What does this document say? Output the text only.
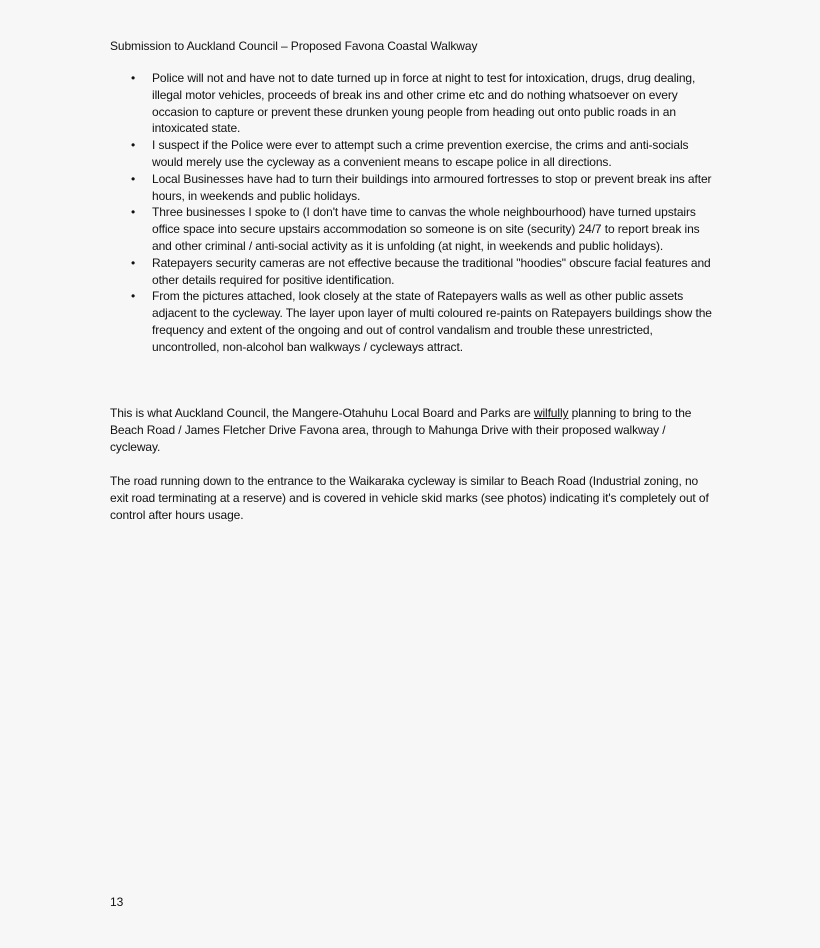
Submission to Auckland Council – Proposed Favona Coastal Walkway
• Police will not and have not to date turned up in force at night to test for intoxication, drugs, drug dealing, illegal motor vehicles, proceeds of break ins and other crime etc and do nothing whatsoever on every occasion to capture or prevent these drunken young people from heading out onto public roads in an intoxicated state.
• I suspect if the Police were ever to attempt such a crime prevention exercise, the crims and anti-socials would merely use the cycleway as a convenient means to escape police in all directions.
• Local Businesses have had to turn their buildings into armoured fortresses to stop or prevent break ins after hours, in weekends and public holidays.
• Three businesses I spoke to (I don't have time to canvas the whole neighbourhood) have turned upstairs office space into secure upstairs accommodation so someone is on site (security) 24/7 to report break ins and other criminal / anti-social activity as it is unfolding (at night, in weekends and public holidays).
• Ratepayers security cameras are not effective because the traditional "hoodies" obscure facial features and other details required for positive identification.
• From the pictures attached, look closely at the state of Ratepayers walls as well as other public assets adjacent to the cycleway. The layer upon layer of multi coloured re-paints on Ratepayers buildings show the frequency and extent of the ongoing and out of control vandalism and trouble these unrestricted, uncontrolled, non-alcohol ban walkways / cycleways attract.

This is what Auckland Council, the Mangere-Otahuhu Local Board and Parks are wilfully planning to bring to the Beach Road / James Fletcher Drive Favona area, through to Mahunga Drive with their proposed walkway / cycleway.

The road running down to the entrance to the Waikaraka cycleway is similar to Beach Road (Industrial zoning, no exit road terminating at a reserve) and is covered in vehicle skid marks (see photos) indicating it's completely out of control after hours usage.

13
